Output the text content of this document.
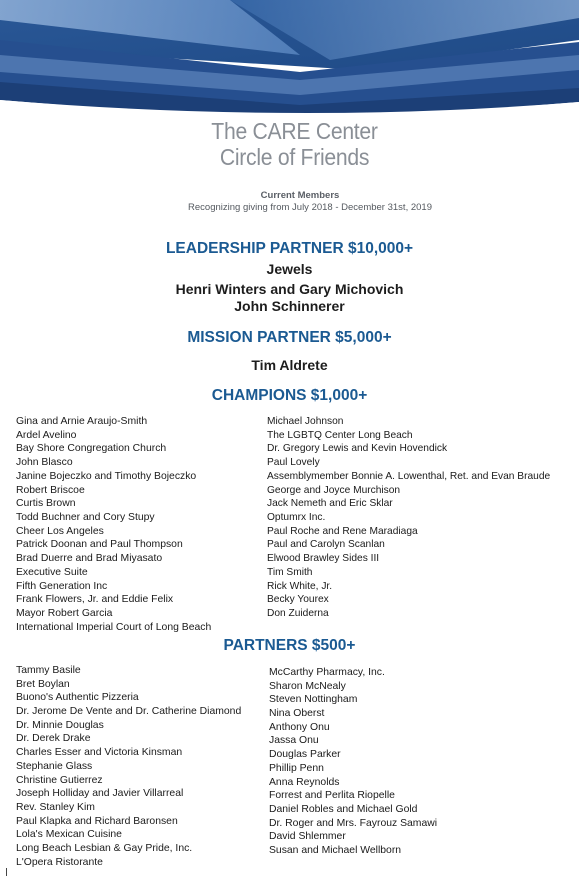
The CARE Center
Circle of Friends
Current Members
Recognizing giving from July 2018 - December 31st, 2019
LEADERSHIP PARTNER $10,000+
Jewels
Henri Winters and Gary Michovich
John Schinnerer
MISSION PARTNER $5,000+
Tim Aldrete
CHAMPIONS $1,000+
Gina and Arnie Araujo-Smith
Ardel Avelino
Bay Shore Congregation Church
John Blasco
Janine Bojeczko and Timothy Bojeczko
Robert Briscoe
Curtis Brown
Todd Buchner and Cory Stupy
Cheer Los Angeles
Patrick Doonan and Paul Thompson
Brad Duerre and Brad Miyasato
Executive Suite
Fifth Generation Inc
Frank Flowers, Jr. and Eddie Felix
Mayor Robert Garcia
International Imperial Court of Long Beach
Michael Johnson
The LGBTQ Center Long Beach
Dr. Gregory Lewis and Kevin Hovendick
Paul Lovely
Assemblymember Bonnie A. Lowenthal, Ret. and Evan Braude
George and Joyce Murchison
Jack Nemeth and Eric Sklar
Optumrx Inc.
Paul Roche and Rene Maradiaga
Paul and Carolyn Scanlan
Elwood Brawley Sides III
Tim Smith
Rick White, Jr.
Becky Yourex
Don Zuiderna
PARTNERS $500+
Tammy Basile
Bret Boylan
Buono's Authentic Pizzeria
Dr. Jerome De Vente and Dr. Catherine Diamond
Dr. Minnie Douglas
Dr. Derek Drake
Charles Esser and Victoria Kinsman
Stephanie Glass
Christine Gutierrez
Joseph Holliday and Javier Villarreal
Rev. Stanley Kim
Paul Klapka and Richard Baronsen
Lola's Mexican Cuisine
Long Beach Lesbian & Gay Pride, Inc.
L'Opera Ristorante
McCarthy Pharmacy, Inc.
Sharon McNealy
Steven Nottingham
Nina Oberst
Anthony Onu
Jassa Onu
Douglas Parker
Phillip Penn
Anna Reynolds
Forrest and Perlita Riopelle
Daniel Robles and Michael Gold
Dr. Roger and Mrs. Fayrouz Samawi
David Shlemmer
Susan and Michael Wellborn
